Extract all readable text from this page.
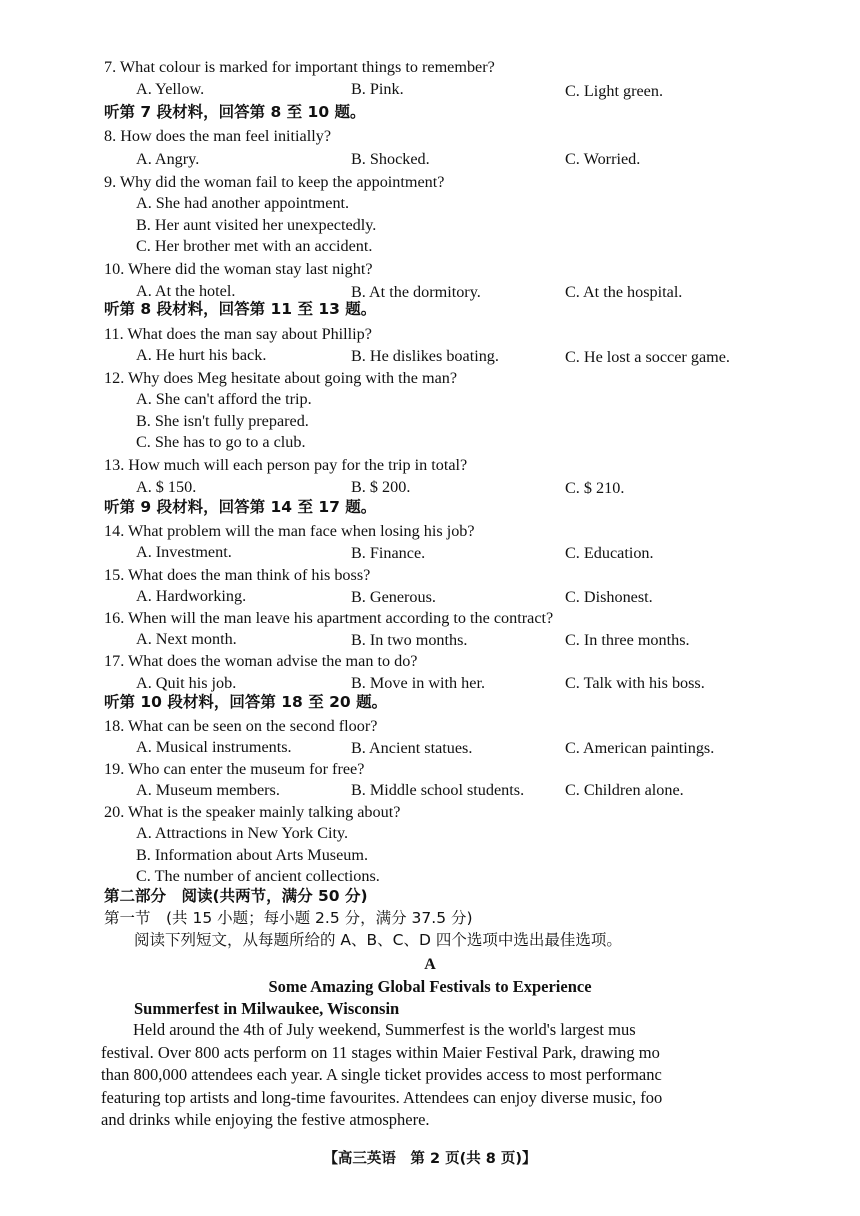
7. What colour is marked for important things to remember?
A. Yellow.	B. Pink.	C. Light green.
听第 7 段材料，回答第 8 至 10 题。
8. How does the man feel initially?
A. Angry.	B. Shocked.	C. Worried.
9. Why did the woman fail to keep the appointment?
A. She had another appointment.
B. Her aunt visited her unexpectedly.
C. Her brother met with an accident.
10. Where did the woman stay last night?
A. At the hotel.	B. At the dormitory.	C. At the hospital.
听第 8 段材料，回答第 11 至 13 题。
11. What does the man say about Phillip?
A. He hurt his back.	B. He dislikes boating.	C. He lost a soccer game.
12. Why does Meg hesitate about going with the man?
A. She can't afford the trip.
B. She isn't fully prepared.
C. She has to go to a club.
13. How much will each person pay for the trip in total?
A. $ 150.	B. $ 200.	C. $ 210.
听第 9 段材料，回答第 14 至 17 题。
14. What problem will the man face when losing his job?
A. Investment.	B. Finance.	C. Education.
15. What does the man think of his boss?
A. Hardworking.	B. Generous.	C. Dishonest.
16. When will the man leave his apartment according to the contract?
A. Next month.	B. In two months.	C. In three months.
17. What does the woman advise the man to do?
A. Quit his job.	B. Move in with her.	C. Talk with his boss.
听第 10 段材料，回答第 18 至 20 题。
18. What can be seen on the second floor?
A. Musical instruments.	B. Ancient statues.	C. American paintings.
19. Who can enter the museum for free?
A. Museum members.	B. Middle school students.	C. Children alone.
20. What is the speaker mainly talking about?
A. Attractions in New York City.
B. Information about Arts Museum.
C. The number of ancient collections.
第二部分　阅读(共两节，满分 50 分)
第一节　(共 15 小题；每小题 2.5 分，满分 37.5 分)
阅读下列短文，从每题所给的 A、B、C、D 四个选项中选出最佳选项。
A
Some Amazing Global Festivals to Experience
Summerfest in Milwaukee, Wisconsin
Held around the 4th of July weekend, Summerfest is the world's largest mus
festival. Over 800 acts perform on 11 stages within Maier Festival Park, drawing mo
than 800,000 attendees each year. A single ticket provides access to most performanc
featuring top artists and long-time favourites. Attendees can enjoy diverse music, foo
and drinks while enjoying the festive atmosphere.
【高三英语　第 2 页(共 8 页)】
